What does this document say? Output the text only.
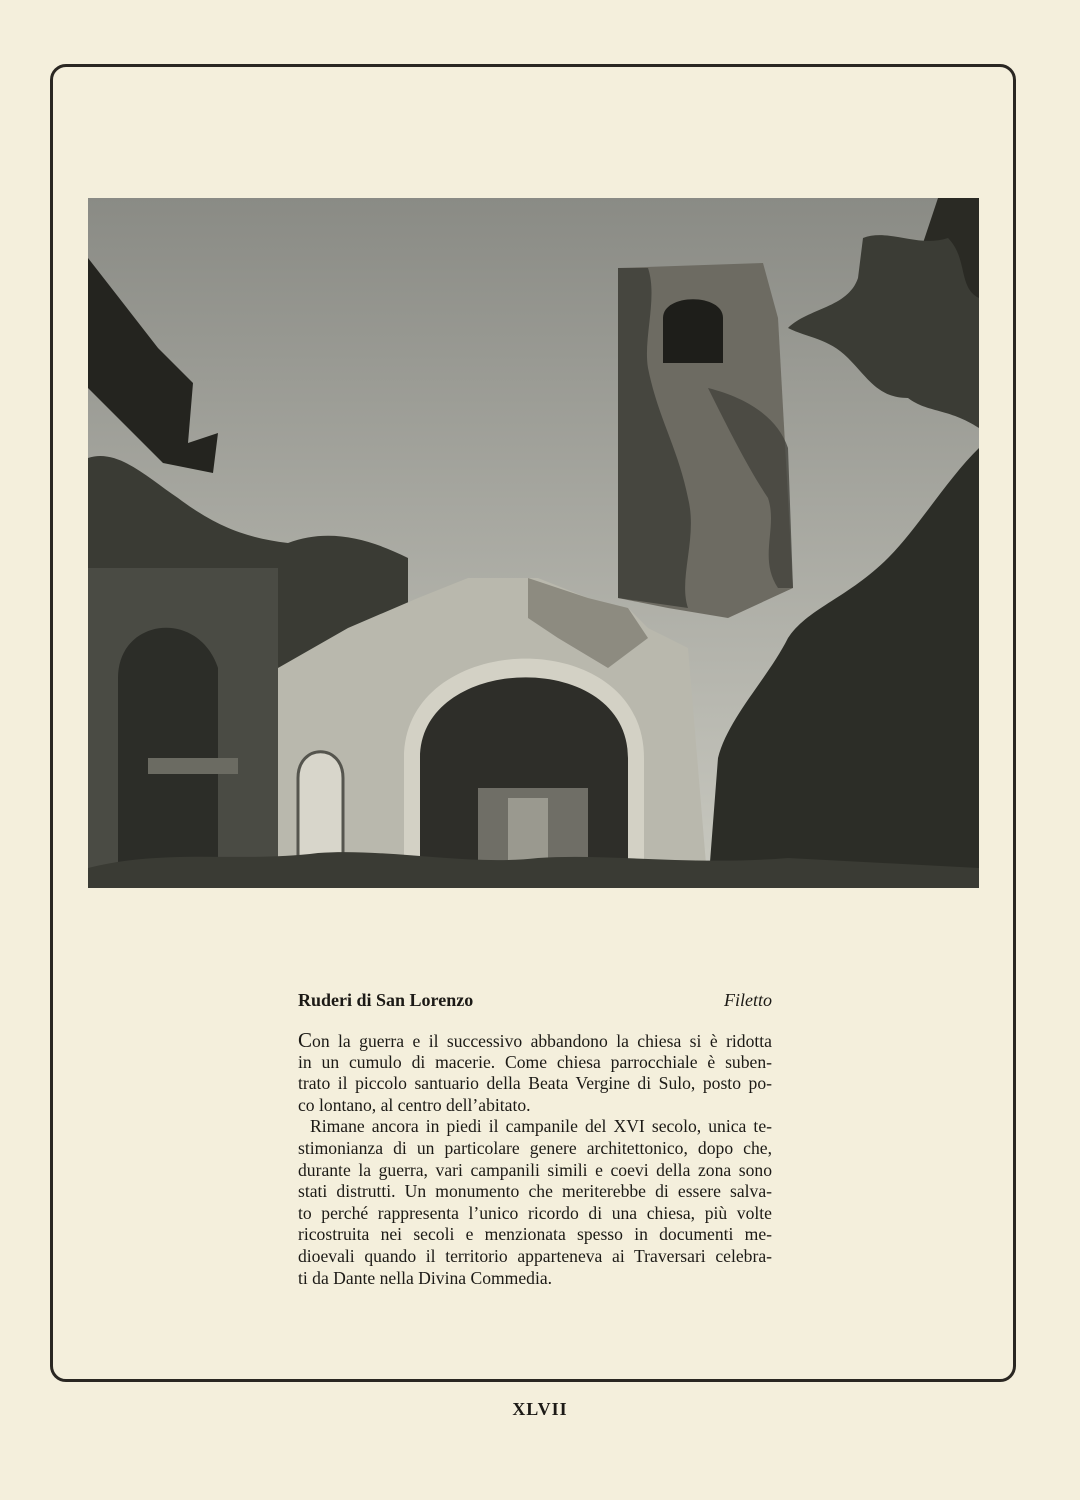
Ruderi di San Lorenzo	Filetto
Con la guerra e il successivo abbandono la chiesa si è ridotta
in un cumulo di macerie. Come chiesa parrocchiale è suben-
trato il piccolo santuario della Beata Vergine di Sulo, posto po-
co lontano, al centro dell’abitato.
Rimane ancora in piedi il campanile del XVI secolo, unica te-
stimonianza di un particolare genere architettonico, dopo che,
durante la guerra, vari campanili simili e coevi della zona sono
stati distrutti. Un monumento che meriterebbe di essere salva-
to perché rappresenta l’unico ricordo di una chiesa, più volte
ricostruita nei secoli e menzionata spesso in documenti me-
dioevali quando il territorio apparteneva ai Traversari celebra-
ti da Dante nella Divina Commedia.
XLVII
